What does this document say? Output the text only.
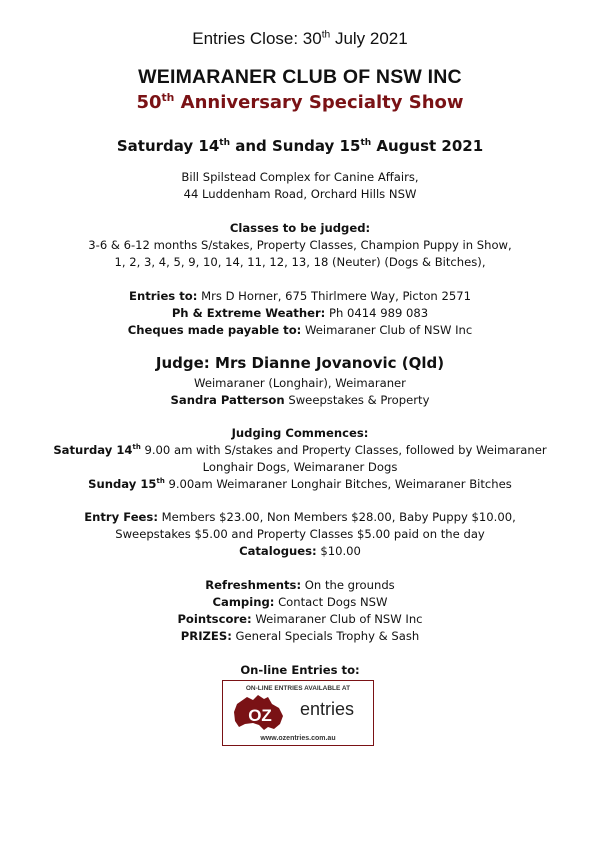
Entries Close: 30th July 2021
WEIMARANER CLUB OF NSW INC
50th Anniversary Specialty Show
Saturday 14th and Sunday 15th August 2021
Bill Spilstead Complex for Canine Affairs,
44 Luddenham Road, Orchard Hills NSW
Classes to be judged:
3-6 & 6-12 months S/stakes, Property Classes, Champion Puppy in Show,
1, 2, 3, 4, 5, 9, 10, 14, 11, 12, 13, 18 (Neuter) (Dogs & Bitches),
Entries to: Mrs D Horner, 675 Thirlmere Way, Picton 2571
Ph & Extreme Weather: Ph 0414 989 083
Cheques made payable to: Weimaraner Club of NSW Inc
Judge: Mrs Dianne Jovanovic (Qld)
Weimaraner (Longhair), Weimaraner
Sandra Patterson Sweepstakes & Property
Judging Commences:
Saturday 14th 9.00 am with S/stakes and Property Classes, followed by Weimaraner
Longhair Dogs, Weimaraner Dogs
Sunday 15th 9.00am Weimaraner Longhair Bitches, Weimaraner Bitches
Entry Fees: Members $23.00, Non Members $28.00, Baby Puppy $10.00,
Sweepstakes $5.00 and Property Classes $5.00 paid on the day
Catalogues: $10.00
Refreshments: On the grounds
Camping: Contact Dogs NSW
Pointscore: Weimaraner Club of NSW Inc
PRIZES: General Specials Trophy & Sash
On-line Entries to:
ON-LINE ENTRIES AVAILABLE AT
OZ entries
www.ozentries.com.au
